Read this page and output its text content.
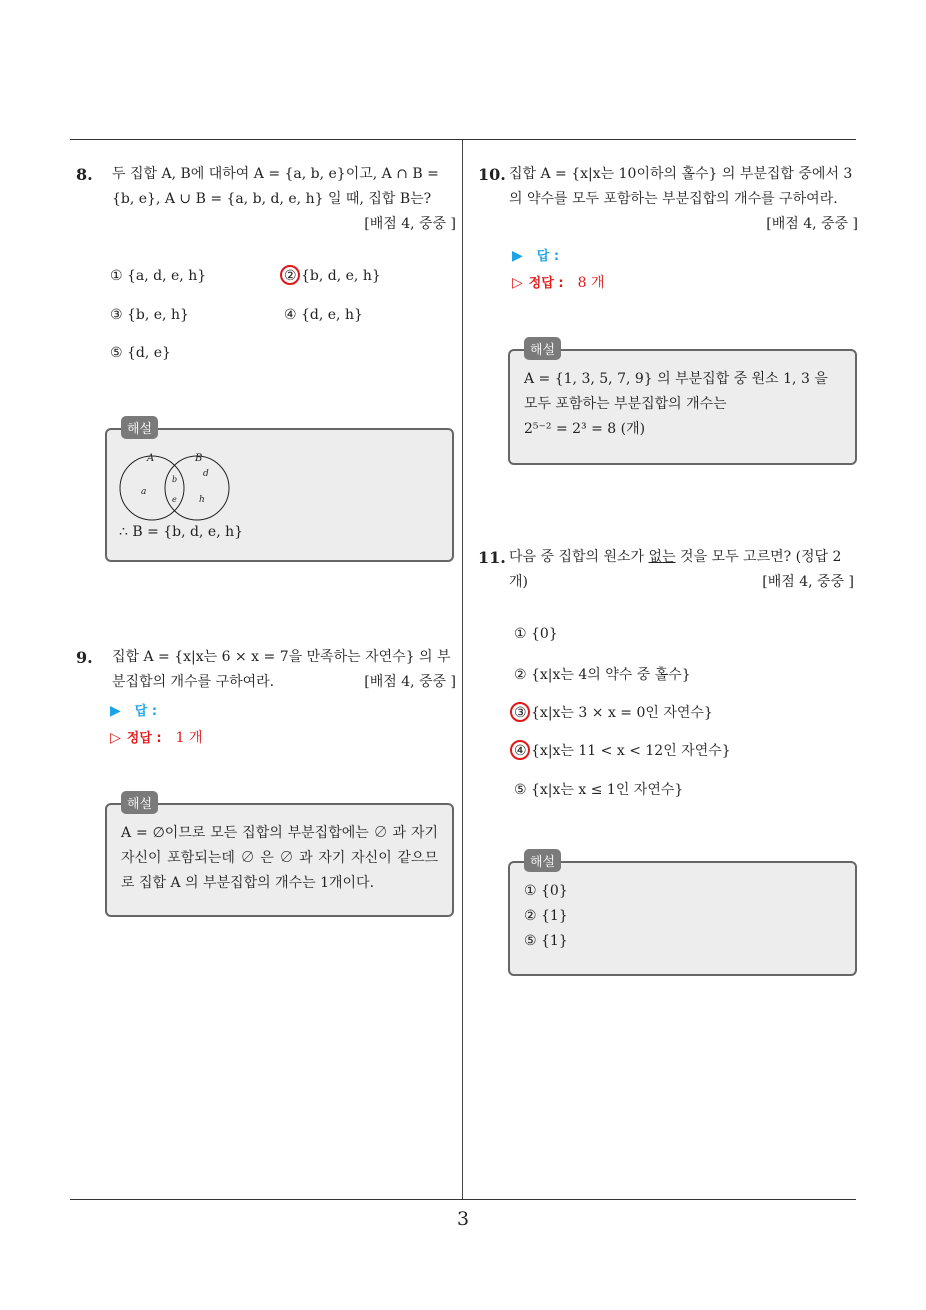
3
8. 두 집합 A, B에 대하여 A = {a, b, e}이고, A ∩ B = {b, e}, A ∪ B = {a, b, d, e, h} 일 때, 집합 B는?
[배점 4, 중중 ]
① {a, d, e, h}	② {b, d, e, h}
③ {b, e, h}	④ {d, e, h}
⑤ {d, e}
해설
A	B
a
b
e
d
h
∴ B = {b, d, e, h}
9. 집합 A = {x|x는 6 × x = 7을 만족하는 자연수} 의 부분집합의 개수를 구하여라.	[배점 4, 중중 ]
▶ 답 :
▷ 정답 : 1 개
해설
A = ∅이므로 모든 집합의 부분집합에는 ∅ 과 자기 자신이 포함되는데 ∅ 은 ∅ 과 자기 자신이 같으므로 집합 A 의 부분집합의 개수는 1개이다.
10. 집합 A = {x|x는 10이하의 홀수} 의 부분집합 중에서 3 의 약수를 모두 포함하는 부분집합의 개수를 구하여라.
[배점 4, 중중 ]
▶ 답 :
▷ 정답 : 8 개
해설
A = {1, 3, 5, 7, 9} 의 부분집합 중 원소 1, 3 을
모두 포함하는 부분집합의 개수는
2⁵⁻² = 2³ = 8 (개)
11. 다음 중 집합의 원소가 없는 것을 모두 고르면? (정답 2개)	[배점 4, 중중 ]
① {0}
② {x|x는 4의 약수 중 홀수}
③ {x|x는 3 × x = 0인 자연수}
④ {x|x는 11 < x < 12인 자연수}
⑤ {x|x는 x ≤ 1인 자연수}
해설
① {0}
② {1}
⑤ {1}
